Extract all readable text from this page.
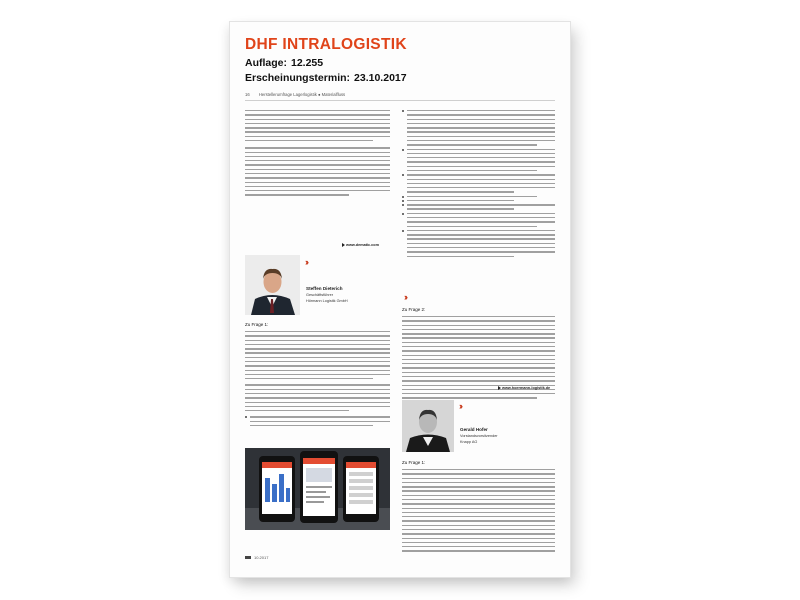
DHF INTRALOGISTIK
Auflage: 12.255
Erscheinungstermin: 23.10.2017
16 Herstellerumfrage Lagerlogistik ● Materialfluss
www.dematic.com
››
Steffen Dieterich
Geschäftsführer
Hörmann Logistik GmbH
Zu Frage 1:
››
Zu Frage 2:
www.hoermann-logistik.de
››
Gerald Hofer
Vorstandsvorsitzender
Knapp AG
Zu Frage 1:
10.2017
